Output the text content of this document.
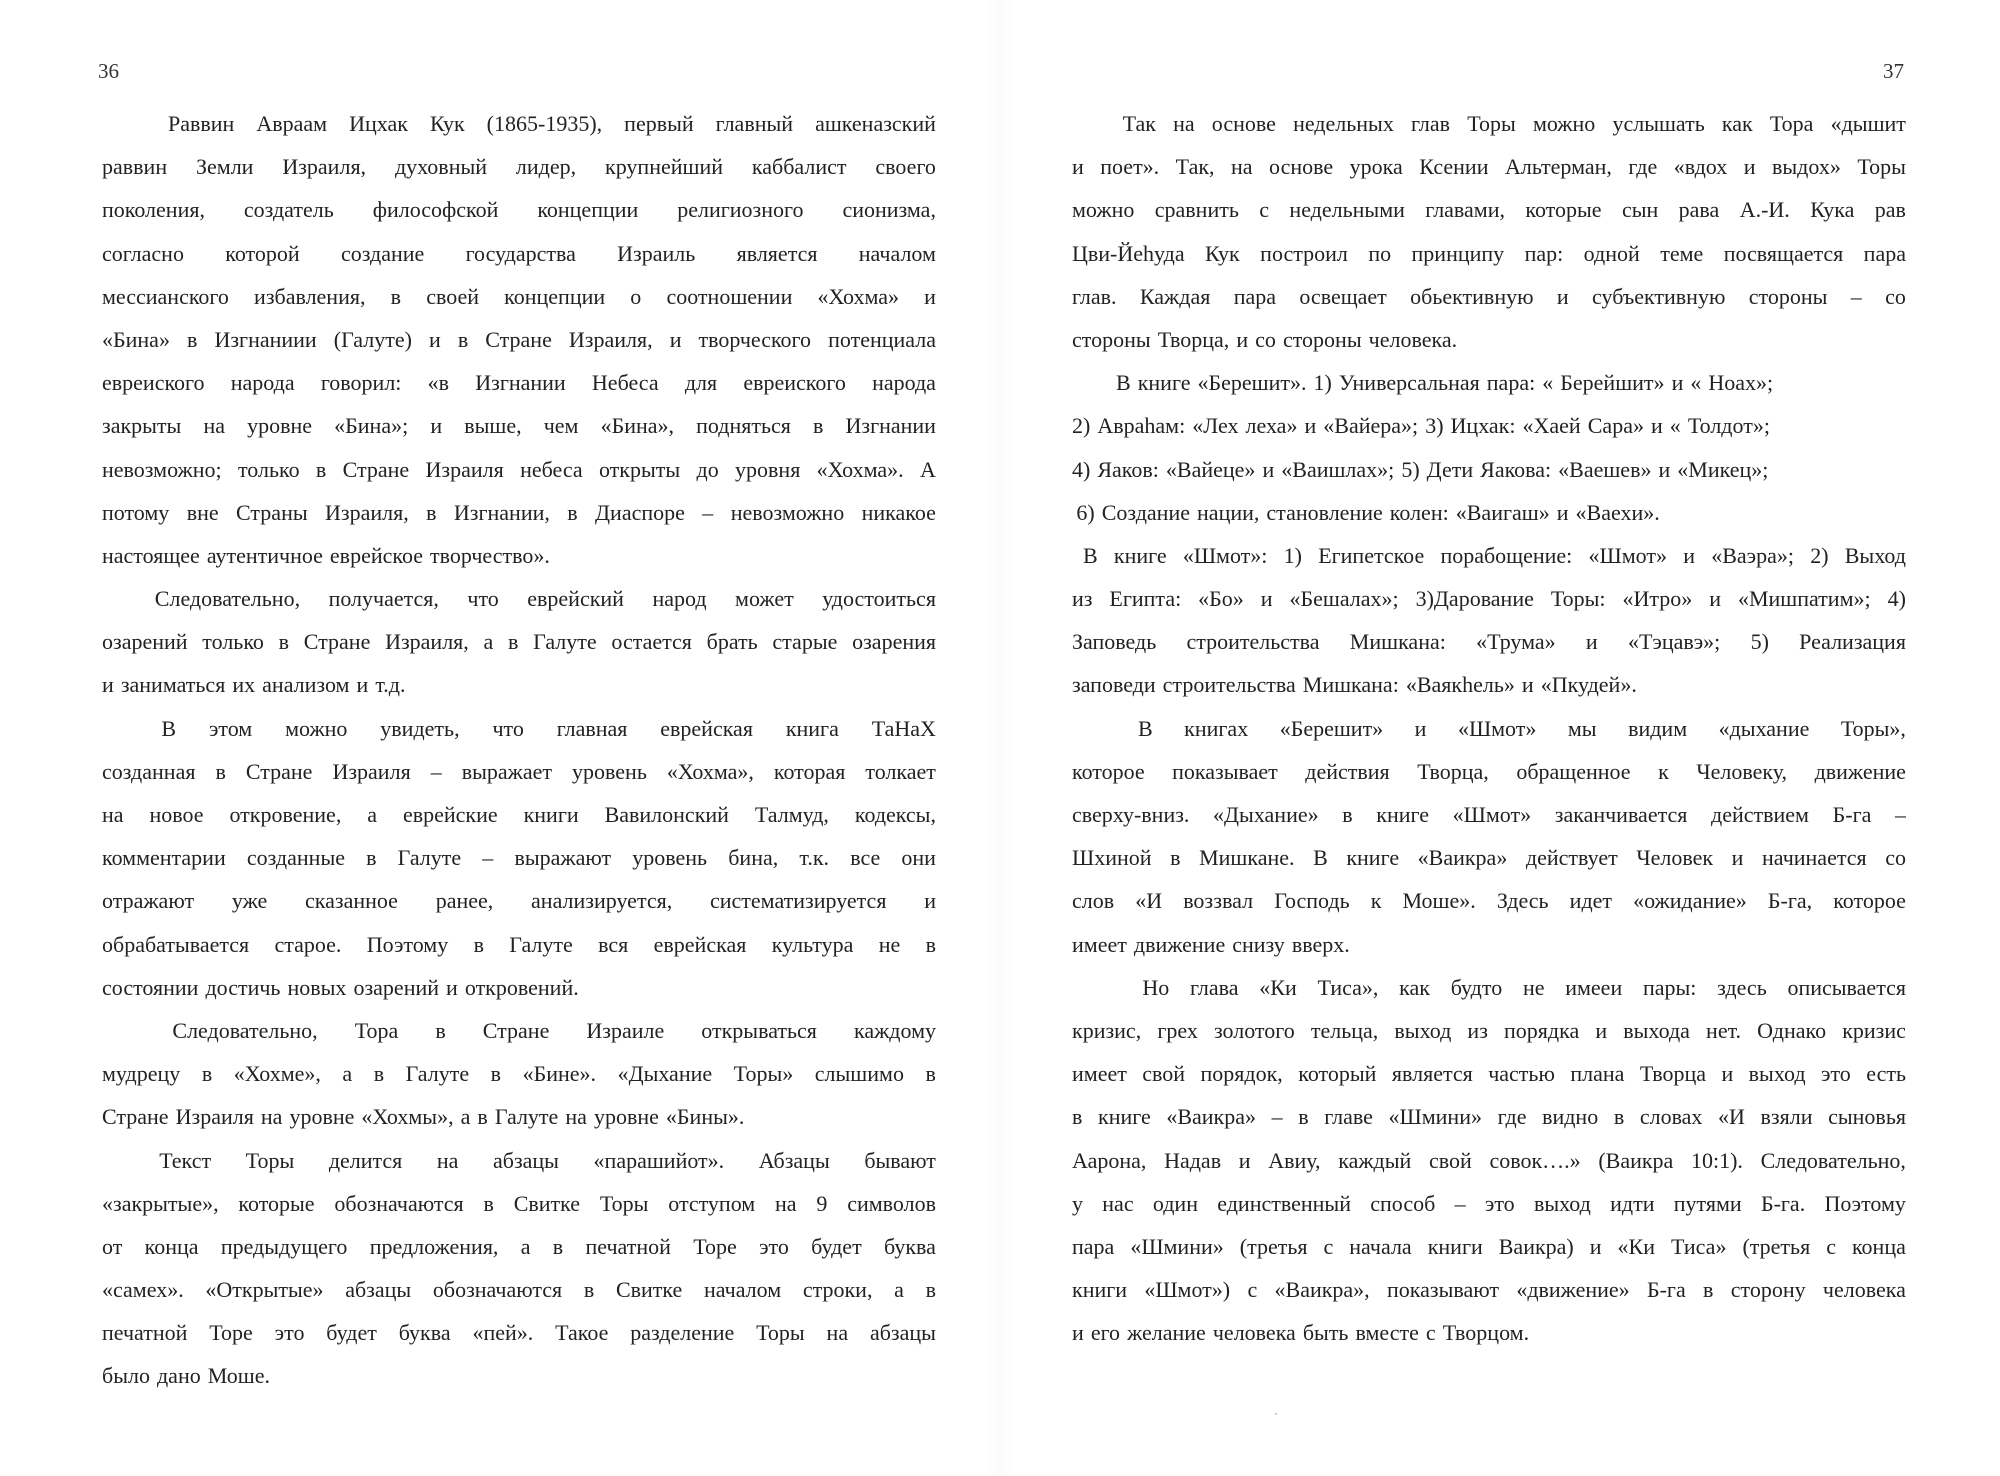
36
Раввин Авраам Ицхак Кук (1865-1935), первый главный ашкеназский
раввин Земли Израиля, духовный лидер, крупнейший каббалист своего
поколения, создатель философской концепции религиозного сионизма,
согласно которой создание государства Израиль является началом
мессианского избавления, в своей концепции о соотношении «Хохма» и
«Бина» в Изгнаниии (Галуте) и в Стране Израиля, и творческого потенциала
евреиского народа говорил: «в Изгнании Небеса для евреиского народа
закрыты на уровне «Бина»; и выше, чем «Бина», подняться в Изгнании
невозможно; только в Стране Израиля небеса открыты до уровня «Хохма». А
потому вне Страны Израиля, в Изгнании, в Диаспоре – невозможно никакое
настоящее аутентичное еврейское творчество».
Следовательно, получается, что еврейский народ может удостоиться
озарений только в Стране Израиля, а в Галуте остается брать старые озарения
и заниматься их анализом и т.д.
В этом можно увидеть, что главная еврейская книга ТаНаХ
созданная в Стране Израиля – выражает уровень «Хохма», которая толкает
на новое откровение, а еврейские книги Вавилонский Талмуд, кодексы,
комментарии созданные в Галуте – выражают уровень бина, т.к. все они
отражают уже сказанное ранее, анализируется, систематизируется и
обрабатывается старое. Поэтому в Галуте вся еврейская культура не в
состоянии достичь новых озарений и откровений.
Следовательно, Тора в Стране Израиле открываться каждому
мудрецу в «Хохме», а в Галуте в «Бине». «Дыхание Торы» слышимо в
Стране Израиля на уровне «Хохмы», а в Галуте на уровне «Бины».
Текст Торы делится на абзацы «парашийот». Абзацы бывают
«закрытые», которые обозначаются в Свитке Торы отступом на 9 символов
от конца предыдущего предложения, а в печатной Торе это будет буква
«самех». «Открытые» абзацы обозначаются в Свитке началом строки, а в
печатной Торе это будет буква «пей». Такое разделение Торы на абзацы
было дано Моше.
37
Так на основе недельных глав Торы можно услышать как Тора «дышит
и поет». Так, на основе урока Ксении Альтерман, где «вдох и выдох» Торы
можно сравнить с недельными главами, которые сын рава А.-И. Кука рав
Цви-Йеhуда Кук построил по принципу пар: одной теме посвящается пара
глав. Каждая пара освещает обьективную и субъективную стороны – со
стороны Творца, и со стороны человека.
В книге «Берешит». 1) Универсальная пара: « Берейшит» и « Ноах»;
2) Авраhам: «Лех леха» и «Вайера»; 3) Ицхак: «Хаей Сара» и « Толдот»;
4) Яаков: «Вайеце» и «Ваишлах»; 5) Дети Яакова: «Ваешев» и «Микец»;
6) Создание нации, становление колен: «Ваигаш» и «Ваехи».
В книге «Шмот»: 1) Египетское порабощение: «Шмот» и «Ваэра»; 2) Выход
из Египта: «Бо» и «Бешалах»; 3)Дарование Торы: «Итро» и «Мишпатим»; 4)
Заповедь строительства Мишкана: «Трума» и «Тэцавэ»; 5) Реализация
заповеди строительства Мишкана: «Ваякhель» и «Пкудей».
В книгах «Берешит» и «Шмот» мы видим «дыхание Торы»,
которое показывает действия Творца, обращенное к Человеку, движение
сверху-вниз. «Дыхание» в книге «Шмот» заканчивается действием Б-га –
Шхиной в Мишкане. В книге «Ваикра» действует Человек и начинается со
слов «И воззвал Господь к Моше». Здесь идет «ожидание» Б-га, которое
имеет движение снизу вверх.
Но глава «Ки Тиса», как будто не имееи пары: здесь описывается
кризис, грех золотого тельца, выход из порядка и выхода нет. Однако кризис
имеет свой порядок, который является частью плана Творца и выход это есть
в книге «Ваикра» – в главе «Шмини» где видно в словах «И взяли сыновья
Аарона, Надав и Авиу, каждый свой совок….» (Ваикра 10:1). Следовательно,
у нас один единственный способ – это выход идти путями Б-га. Поэтому
пара «Шмини» (третья с начала книги Ваикра) и «Ки Тиса» (третья с конца
книги «Шмот») с «Ваикра», показывают «движение» Б-га в сторону человека
и его желание человека быть вместе с Творцом.
